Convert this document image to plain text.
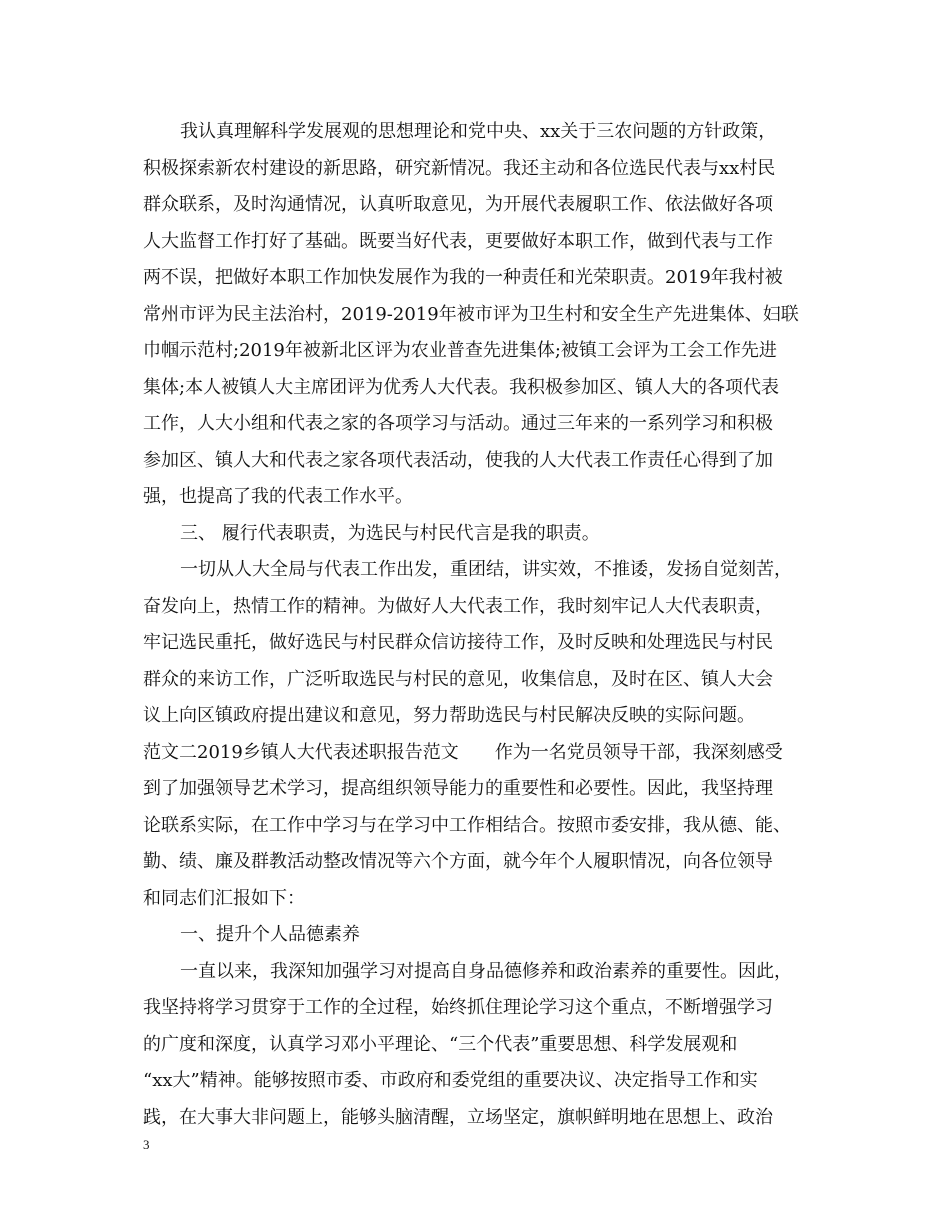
我认真理解科学发展观的思想理论和党中央、xx关于三农问题的方针政策，
积极探索新农村建设的新思路，研究新情况。我还主动和各位选民代表与xx村民
群众联系，及时沟通情况，认真听取意见，为开展代表履职工作、依法做好各项
人大监督工作打好了基础。既要当好代表，更要做好本职工作，做到代表与工作
两不误，把做好本职工作加快发展作为我的一种责任和光荣职责。2019年我村被
常州市评为民主法治村，2019-2019年被市评为卫生村和安全生产先进集体、妇联
巾帼示范村;2019年被新北区评为农业普查先进集体;被镇工会评为工会工作先进
集体;本人被镇人大主席团评为优秀人大代表。我积极参加区、镇人大的各项代表
工作，人大小组和代表之家的各项学习与活动。通过三年来的一系列学习和积极
参加区、镇人大和代表之家各项代表活动，使我的人大代表工作责任心得到了加
强，也提高了我的代表工作水平。
三、 履行代表职责，为选民与村民代言是我的职责。
一切从人大全局与代表工作出发，重团结，讲实效，不推诿，发扬自觉刻苦，
奋发向上，热情工作的精神。为做好人大代表工作，我时刻牢记人大代表职责，
牢记选民重托，做好选民与村民群众信访接待工作，及时反映和处理选民与村民
群众的来访工作，广泛听取选民与村民的意见，收集信息，及时在区、镇人大会
议上向区镇政府提出建议和意见，努力帮助选民与村民解决反映的实际问题。
范文二2019乡镇人大代表述职报告范文 作为一名党员领导干部，我深刻感受
到了加强领导艺术学习，提高组织领导能力的重要性和必要性。因此，我坚持理
论联系实际，在工作中学习与在学习中工作相结合。按照市委安排，我从德、能、
勤、绩、廉及群教活动整改情况等六个方面，就今年个人履职情况，向各位领导
和同志们汇报如下：
一、提升个人品德素养
一直以来，我深知加强学习对提高自身品德修养和政治素养的重要性。因此，
我坚持将学习贯穿于工作的全过程，始终抓住理论学习这个重点，不断增强学习
的广度和深度，认真学习邓小平理论、“三个代表”重要思想、科学发展观和
“xx大”精神。能够按照市委、市政府和委党组的重要决议、决定指导工作和实
践，在大事大非问题上，能够头脑清醒，立场坚定，旗帜鲜明地在思想上、政治
3
